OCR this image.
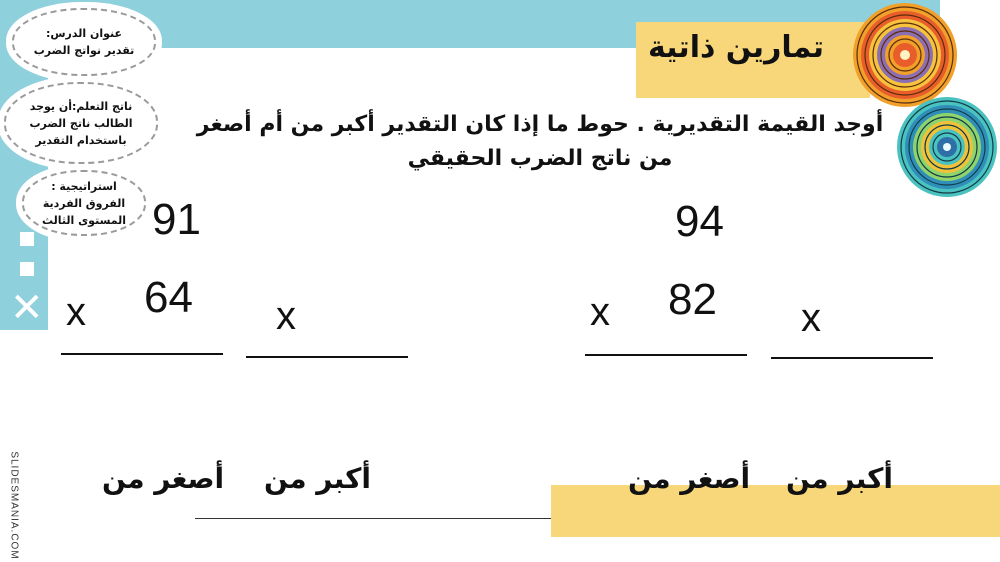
✕
تمارين ذاتية
عنوان الدرس:
تقدير نواتج الضرب
ناتج التعلم:أن يوجد
الطالب ناتج الضرب
باستخدام التقدير
استراتيجية :
الفروق الفردية
المستوى الثالث
أوجد القيمة التقديرية . حوط ما إذا كان التقدير أكبر من أم أصغر من ناتج الضرب الحقيقي
91
x 64 x
94
x 82 x
أصغر من أكبر من	أصغر من أكبر من
SLIDESMANIA.COM
